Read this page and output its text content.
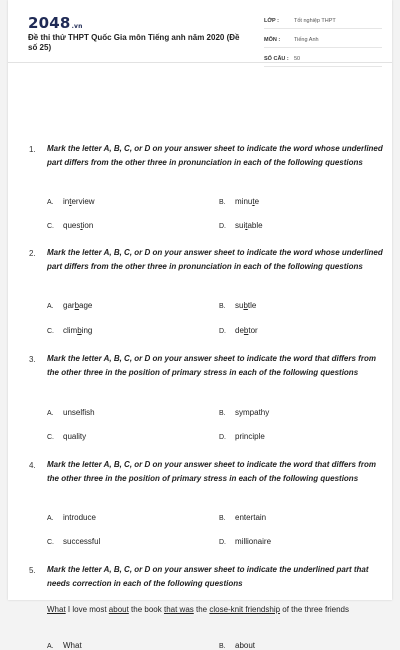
2048.vn
Đề thi thử THPT Quốc Gia môn Tiếng anh năm 2020 (Đề số 25)
LỚP :	Tốt nghiệp THPT
MÔN :	Tiếng Anh
SỐ CÂU : 50
1. Mark the letter A, B, C, or D on your answer sheet to indicate the word whose underlined part differs from the other three in pronunciation in each of the following questions
A. interview	B. minute
C. question	D. suitable
2. Mark the letter A, B, C, or D on your answer sheet to indicate the word whose underlined part differs from the other three in pronunciation in each of the following questions
A. garbage	B. subtle
C. climbing	D. debtor
3. Mark the letter A, B, C, or D on your answer sheet to indicate the word that differs from the other three in the position of primary stress in each of the following questions
A. unselfish	B. sympathy
C. quality	D. principle
4. Mark the letter A, B, C, or D on your answer sheet to indicate the word that differs from the other three in the position of primary stress in each of the following questions
A. introduce	B. entertain
C. successful	D. millionaire
5. Mark the letter A, B, C, or D on your answer sheet to indicate the underlined part that needs correction in each of the following questions
What I love most about the book that was the close-knit friendship of the three friends
A. What	B. about
